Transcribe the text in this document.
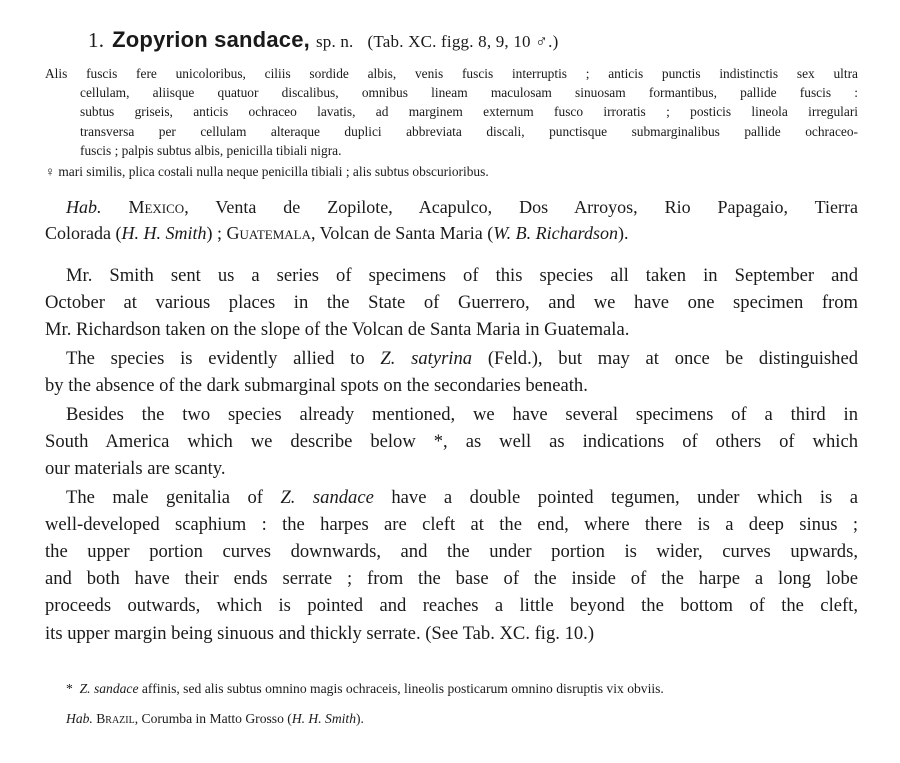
1. Zopyrion sandace, sp. n. (Tab. XC. figg. 8, 9, 10 ♂.)
Alis fuscis fere unicoloribus, ciliis sordide albis, venis fuscis interruptis ; anticis punctis indistinctis sex ultra
cellulam, aliisque quatuor discalibus, omnibus lineam maculosam sinuosam formantibus, pallide fuscis :
subtus griseis, anticis ochraceo lavatis, ad marginem externum fusco irroratis ; posticis lineola irregulari
transversa per cellulam alteraque duplici abbreviata discali, punctisque submarginalibus pallide ochraceo-
fuscis ; palpis subtus albis, penicilla tibiali nigra.
♀ mari similis, plica costali nulla neque penicilla tibiali ; alis subtus obscurioribus.
Hab. Mexico, Venta de Zopilote, Acapulco, Dos Arroyos, Rio Papagaio, Tierra
Colorada (H. H. Smith) ; Guatemala, Volcan de Santa Maria (W. B. Richardson).
Mr. Smith sent us a series of specimens of this species all taken in September and
October at various places in the State of Guerrero, and we have one specimen from
Mr. Richardson taken on the slope of the Volcan de Santa Maria in Guatemala.
The species is evidently allied to Z. satyrina (Feld.), but may at once be distinguished
by the absence of the dark submarginal spots on the secondaries beneath.
Besides the two species already mentioned, we have several specimens of a third in
South America which we describe below *, as well as indications of others of which
our materials are scanty.
The male genitalia of Z. sandace have a double pointed tegumen, under which is a
well-developed scaphium : the harpes are cleft at the end, where there is a deep sinus ;
the upper portion curves downwards, and the under portion is wider, curves upwards,
and both have their ends serrate ; from the base of the inside of the harpe a long lobe
proceeds outwards, which is pointed and reaches a little beyond the bottom of the cleft,
its upper margin being sinuous and thickly serrate. (See Tab. XC. fig. 10.)
* Z. sandace affinis, sed alis subtus omnino magis ochraceis, lineolis posticarum omnino disruptis vix obviis.
Hab. Brazil, Corumba in Matto Grosso (H. H. Smith).
